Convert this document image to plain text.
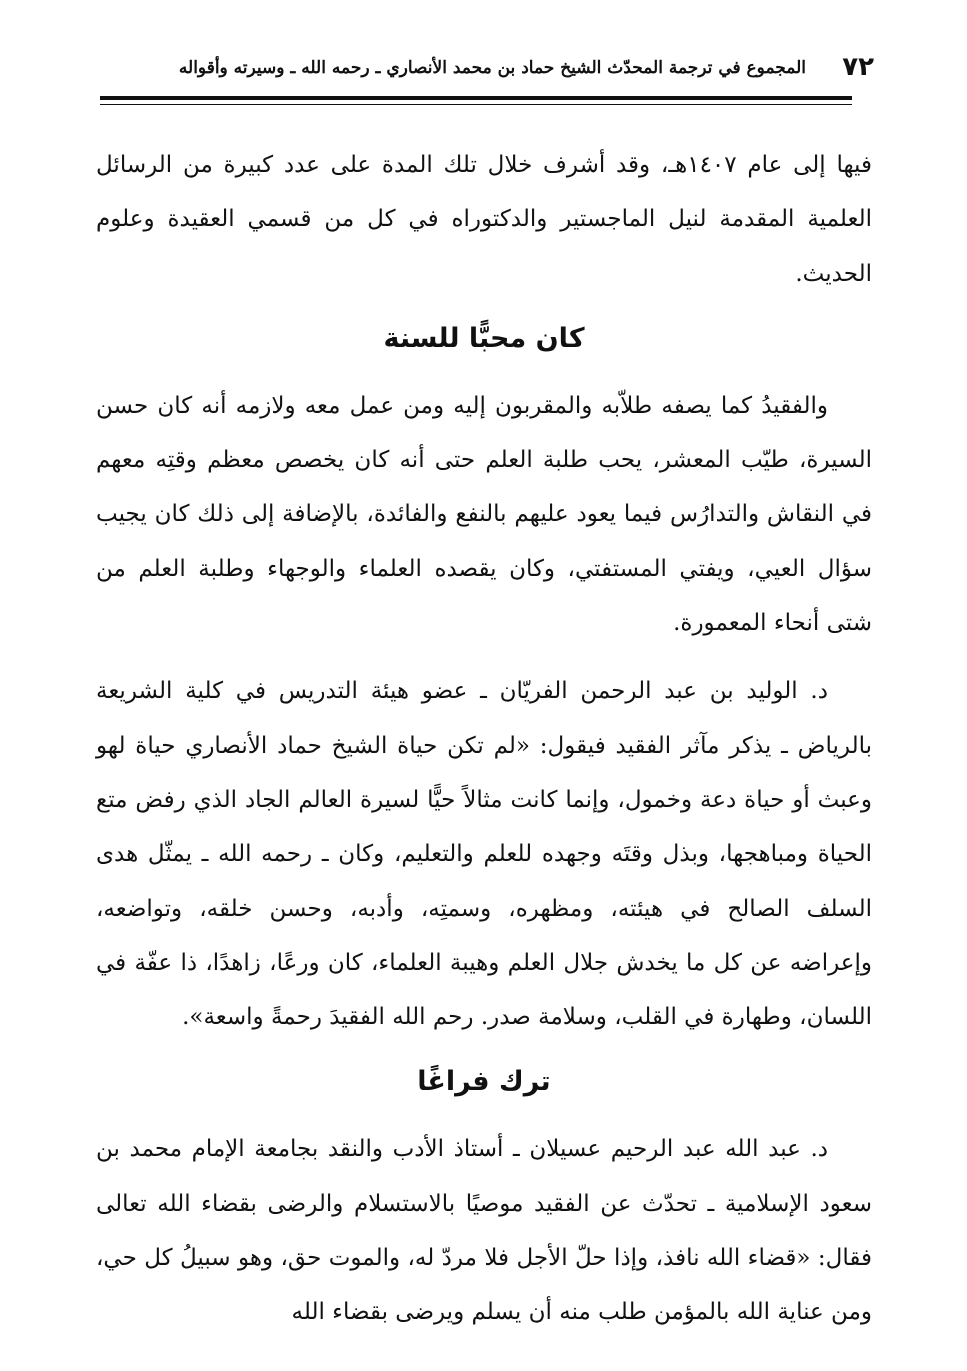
٧٢
المجموع في ترجمة المحدّث الشيخ حماد بن محمد الأنصاري ـ رحمه الله ـ وسيرته وأقواله

فيها إلى عام ١٤٠٧هـ، وقد أشرف خلال تلك المدة على عدد كبيرة من الرسائل العلمية المقدمة لنيل الماجستير والدكتوراه في كل من قسمي العقيدة وعلوم الحديث.

كان محبًّا للسنة

والفقيدُ كما يصفه طلاّبه والمقربون إليه ومن عمل معه ولازمه أنه كان حسن السيرة، طيّب المعشر، يحب طلبة العلم حتى أنه كان يخصص معظم وقتِه معهم في النقاش والتدارُس فيما يعود عليهم بالنفع والفائدة، بالإضافة إلى ذلك كان يجيب سؤال العيي، ويفتي المستفتي، وكان يقصده العلماء والوجهاء وطلبة العلم من شتى أنحاء المعمورة.

د. الوليد بن عبد الرحمن الفريّان ـ عضو هيئة التدريس في كلية الشريعة بالرياض ـ يذكر مآثر الفقيد فيقول: «لم تكن حياة الشيخ حماد الأنصاري حياة لهو وعبث أو حياة دعة وخمول، وإنما كانت مثالاً حيًّا لسيرة العالم الجاد الذي رفض متع الحياة ومباهجها، وبذل وقتَه وجهده للعلم والتعليم، وكان ـ رحمه الله ـ يمثّل هدى السلف الصالح في هيئته، ومظهره، وسمتِه، وأدبه، وحسن خلقه، وتواضعه، وإعراضه عن كل ما يخدش جلال العلم وهيبة العلماء، كان ورعًا، زاهدًا، ذا عفّة في اللسان، وطهارة في القلب، وسلامة صدر. رحم الله الفقيدَ رحمةً واسعة».

ترك فراغًا

د. عبد الله عبد الرحيم عسيلان ـ أستاذ الأدب والنقد بجامعة الإمام محمد بن سعود الإسلامية ـ تحدّث عن الفقيد موصيًا بالاستسلام والرضى بقضاء الله تعالى فقال: «قضاء الله نافذ، وإذا حلّ الأجل فلا مردّ له، والموت حق، وهو سبيلُ كل حي، ومن عناية الله بالمؤمن طلب منه أن يسلم ويرضى بقضاء الله
